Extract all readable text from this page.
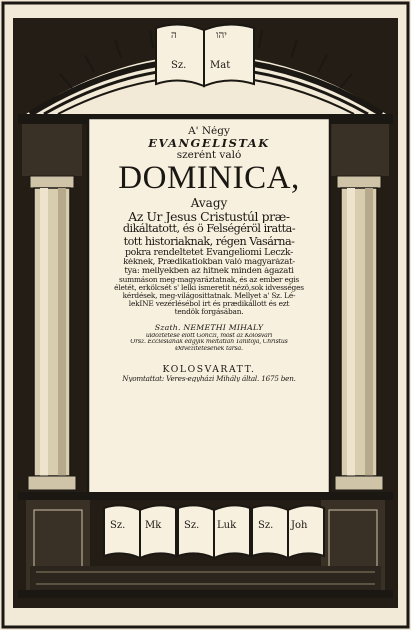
ה	יהו
Sz. Mat
Sz. Mk Sz. Luk Sz. Joh
A' Négy
EVANGELISTAK
szerént való
DOMINICA,
Avagy
Az Ur Jesus Cristustúl præ-
dikáltatott, és ö Felségéröl iratta-
tott historiaknak, régen Vasárna-
pokra rendeltetet Evangeliomi Leczk-
kéknek, Prædikatiokban való magyarázat-
tya: mellyekben az hitnek minden ágazati
summáson meg-magyaráztatnak, és az ember egis
életét, erkölcsét s' lelki ísmeretit nézö,sok idvességes
kérdések, meg-világosittatnak. Mellyet a' Sz. Lé-
lekINE vezérlésébol irt és prædikállott és ezt
tendök forgásában.
Szath. NEMETHI MIHALY
üldöztetése elött Gönczi, most az Kolosvári
Orsz. Ecclesiának edgyik méltatlan Tanitója, Christus
Ødvezitetésének társa.
KOLOSVARATT.
Nyomtattat: Veres-egyházi Mihály által. 1675 ben.
